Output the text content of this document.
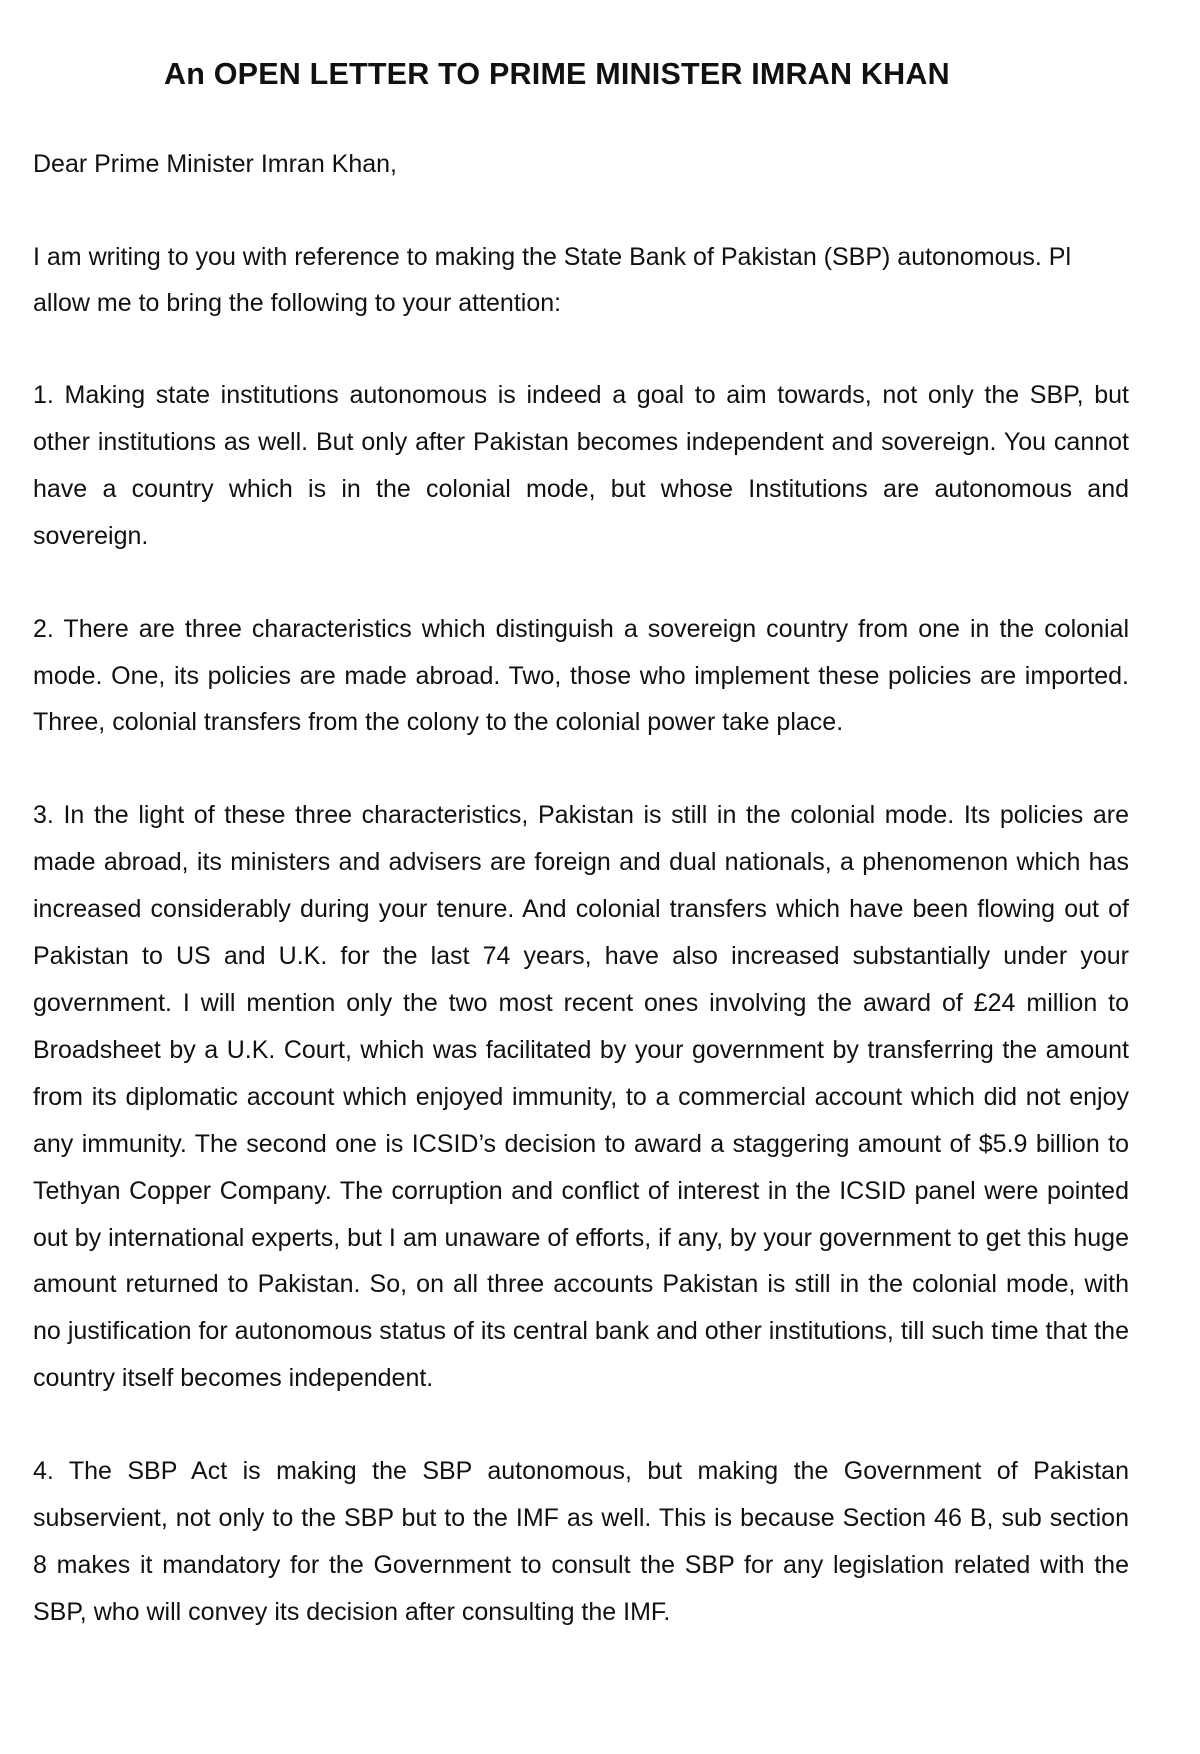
An OPEN LETTER TO PRIME MINISTER IMRAN KHAN

Dear Prime Minister Imran Khan,

I am writing to you with reference to making the State Bank of Pakistan (SBP) autonomous. Pl allow me to bring the following to your attention:

1. Making state institutions autonomous is indeed a goal to aim towards, not only the SBP, but other institutions as well. But only after Pakistan becomes independent and sovereign. You cannot have a country which is in the colonial mode, but whose Institutions are autonomous and sovereign.

2. There are three characteristics which distinguish a sovereign country from one in the colonial mode. One, its policies are made abroad. Two, those who implement these policies are imported. Three, colonial transfers from the colony to the colonial power take place.

3. In the light of these three characteristics, Pakistan is still in the colonial mode. Its policies are made abroad, its ministers and advisers are foreign and dual nationals, a phenomenon which has increased considerably during your tenure. And colonial transfers which have been flowing out of Pakistan to US and U.K. for the last 74 years, have also increased substantially under your government. I will mention only the two most recent ones involving the award of £24 million to Broadsheet by a U.K. Court, which was facilitated by your government by transferring the amount from its diplomatic account which enjoyed immunity, to a commercial account which did not enjoy any immunity. The second one is ICSID’s decision to award a staggering amount of $5.9 billion to Tethyan Copper Company. The corruption and conflict of interest in the ICSID panel were pointed out by international experts, but I am unaware of efforts, if any, by your government to get this huge amount returned to Pakistan. So, on all three accounts Pakistan is still in the colonial mode, with no justification for autonomous status of its central bank and other institutions, till such time that the country itself becomes independent.

4. The SBP Act is making the SBP autonomous, but making the Government of Pakistan subservient, not only to the SBP but to the IMF as well. This is because Section 46 B, sub section 8 makes it mandatory for the Government to consult the SBP for any legislation related with the SBP, who will convey its decision after consulting the IMF.
